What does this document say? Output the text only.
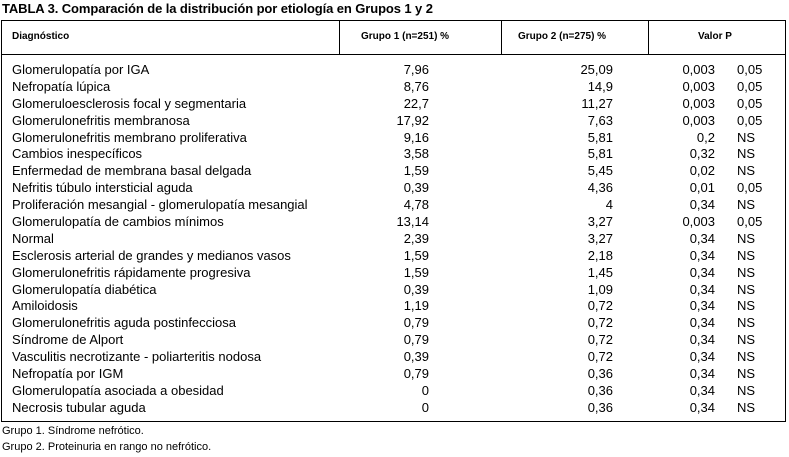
TABLA 3. Comparación de la distribución por etiología en Grupos 1 y 2
Diagnóstico	Grupo 1 (n=251) %	Grupo 2 (n=275) %	Valor P
Glomerulopatía por IGA	7,96	25,09	0,003 0,05
Nefropatía lúpica	8,76	14,9	0,003 0,05
Glomeruloesclerosis focal y segmentaria	22,7	11,27	0,003 0,05
Glomerulonefritis membranosa	17,92	7,63	0,003 0,05
Glomerulonefritis membrano proliferativa	9,16	5,81	0,2 NS
Cambios inespecíficos	3,58	5,81	0,32 NS
Enfermedad de membrana basal delgada	1,59	5,45	0,02 NS
Nefritis túbulo intersticial aguda	0,39	4,36	0,01 0,05
Proliferación mesangial - glomerulopatía mesangial	4,78	4	0,34 NS
Glomerulopatía de cambios mínimos	13,14	3,27	0,003 0,05
Normal	2,39	3,27	0,34 NS
Esclerosis arterial de grandes y medianos vasos	1,59	2,18	0,34 NS
Glomerulonefritis rápidamente progresiva	1,59	1,45	0,34 NS
Glomerulopatía diabética	0,39	1,09	0,34 NS
Amiloidosis	1,19	0,72	0,34 NS
Glomerulonefritis aguda postinfecciosa	0,79	0,72	0,34 NS
Síndrome de Alport	0,79	0,72	0,34 NS
Vasculitis necrotizante - poliarteritis nodosa	0,39	0,72	0,34 NS
Nefropatía por IGM	0,79	0,36	0,34 NS
Glomerulopatía asociada a obesidad	0	0,36	0,34 NS
Necrosis tubular aguda	0	0,36	0,34 NS
Grupo 1. Síndrome nefrótico.
Grupo 2. Proteinuria en rango no nefrótico.
